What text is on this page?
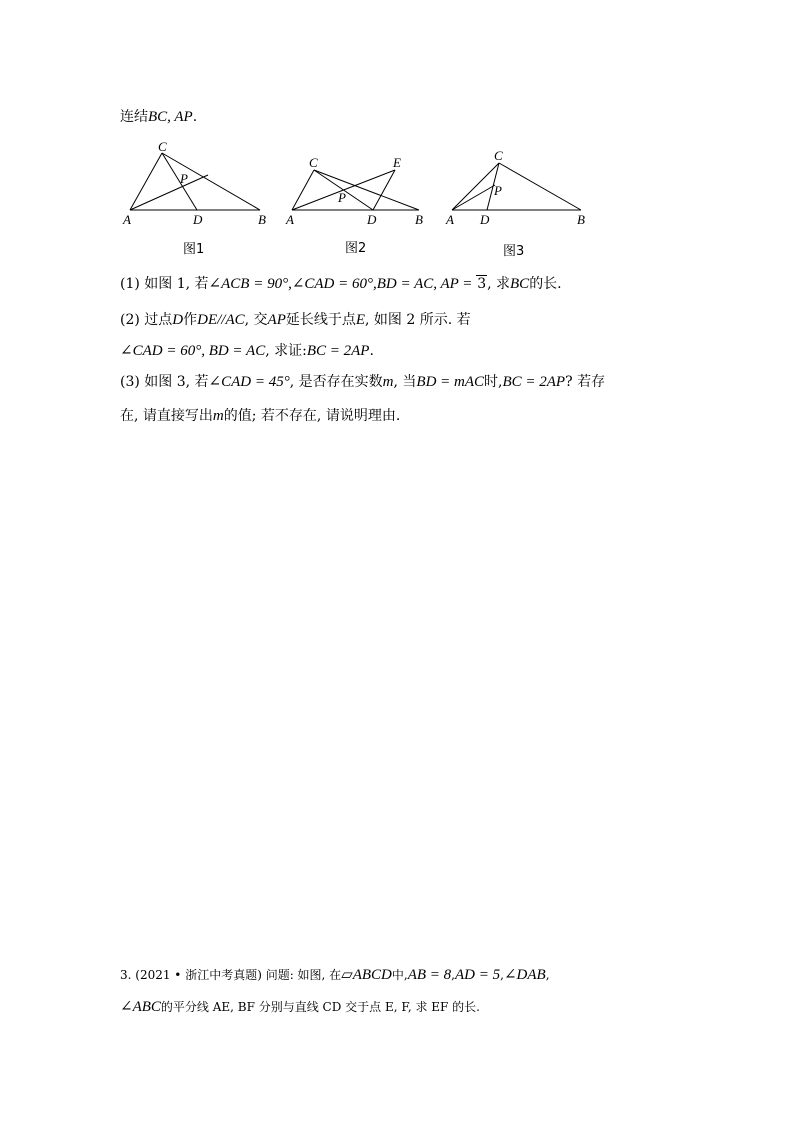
连结BC, AP.
C
P
A	D	B
图1
C	E
P
A	D	B
图2
C
P
A D	B
图3
(1) 如图 1, 若∠ACB = 90°,∠CAD = 60°,BD = AC, AP = 3, 求BC的长.
(2) 过点D作DE//AC, 交AP延长线于点E, 如图 2 所示. 若
∠CAD = 60°, BD = AC, 求证:BC = 2AP.
(3) 如图 3, 若∠CAD = 45°, 是否存在实数m, 当BD = mAC时,BC = 2AP? 若存
在, 请直接写出m的值; 若不存在, 请说明理由.
3. (2021 • 浙江中考真题) 问题: 如图, 在▱ABCD中,AB = 8,AD = 5,∠DAB,
∠ABC的平分线 AE, BF 分别与直线 CD 交于点 E, F, 求 EF 的长.
